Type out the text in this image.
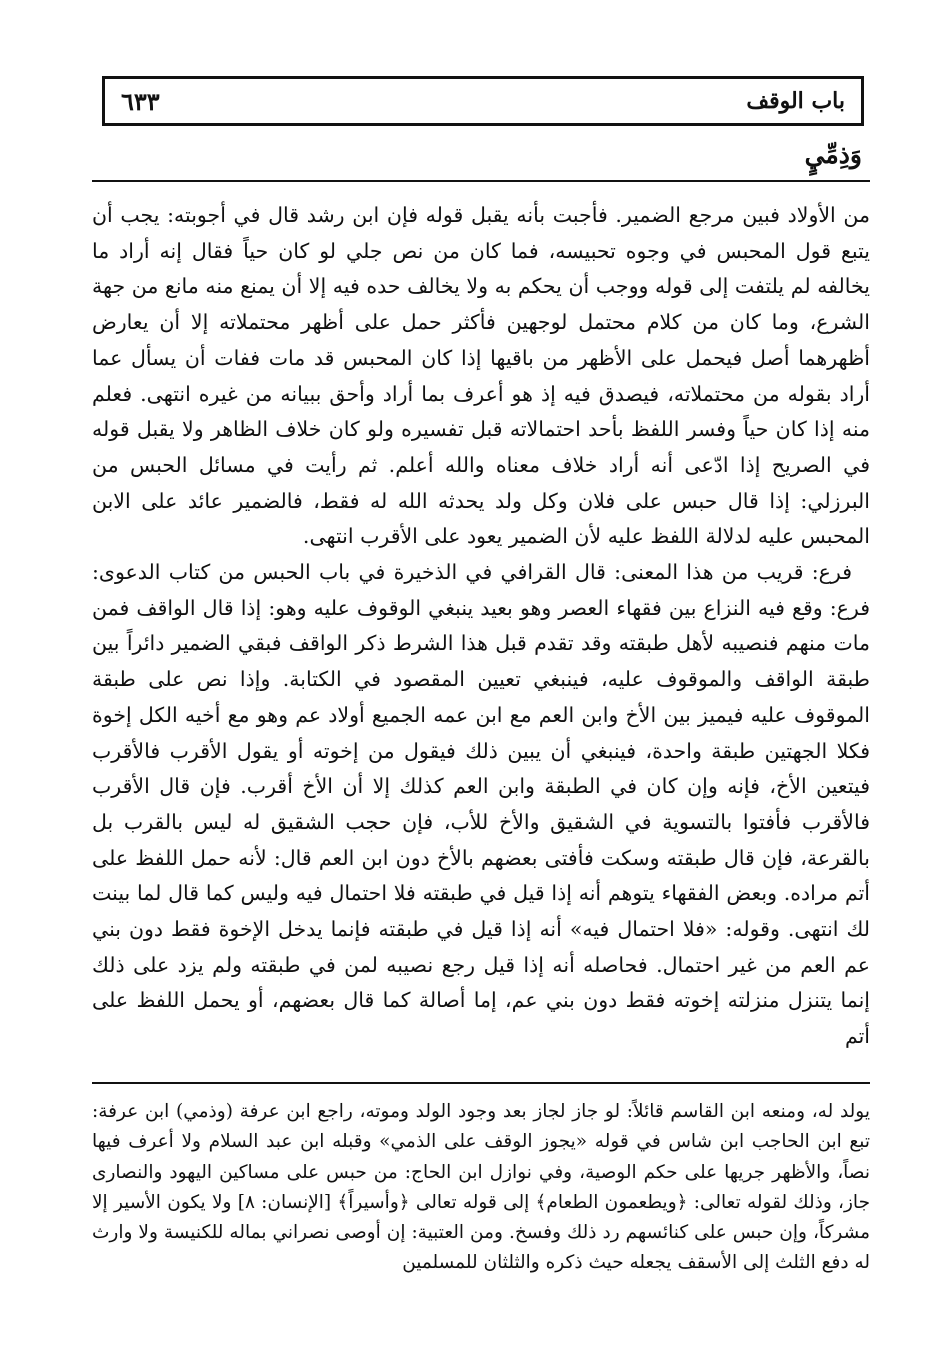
٦٣٣	باب الوقف
وَذِمِّيٍ

من الأولاد فبين مرجع الضمير. فأجبت بأنه يقبل قوله فإن ابن رشد قال في أجوبته: يجب أن يتبع قول المحبس في وجوه تحبيسه، فما كان من نص جلي لو كان حياً فقال إنه أراد ما يخالفه لم يلتفت إلى قوله ووجب أن يحكم به ولا يخالف حده فيه إلا أن يمنع منه مانع من جهة الشرع، وما كان من كلام محتمل لوجهين فأكثر حمل على أظهر محتملاته إلا أن يعارض أظهرهما أصل فيحمل على الأظهر من باقيها إذا كان المحبس قد مات ففات أن يسأل عما أراد بقوله من محتملاته، فيصدق فيه إذ هو أعرف بما أراد وأحق ببيانه من غيره انتهى. فعلم منه إذا كان حياً وفسر اللفظ بأحد احتمالاته قبل تفسيره ولو كان خلاف الظاهر ولا يقبل قوله في الصريح إذا ادّعى أنه أراد خلاف معناه والله أعلم. ثم رأيت في مسائل الحبس من البرزلي: إذا قال حبس على فلان وكل ولد يحدثه الله له فقط، فالضمير عائد على الابن المحبس عليه لدلالة اللفظ عليه لأن الضمير يعود على الأقرب انتهى.

فرع: قريب من هذا المعنى: قال القرافي في الذخيرة في باب الحبس من كتاب الدعوى: فرع: وقع فيه النزاع بين فقهاء العصر وهو بعيد ينبغي الوقوف عليه وهو: إذا قال الواقف فمن مات منهم فنصيبه لأهل طبقته وقد تقدم قبل هذا الشرط ذكر الواقف فبقي الضمير دائراً بين طبقة الواقف والموقوف عليه، فينبغي تعيين المقصود في الكتابة. وإذا نص على طبقة الموقوف عليه فيميز بين الأخ وابن العم مع ابن عمه الجميع أولاد عم وهو مع أخيه الكل إخوة فكلا الجهتين طبقة واحدة، فينبغي أن يبين ذلك فيقول من إخوته أو يقول الأقرب فالأقرب فيتعين الأخ، فإنه وإن كان في الطبقة وابن العم كذلك إلا أن الأخ أقرب. فإن قال الأقرب فالأقرب فأفتوا بالتسوية في الشقيق والأخ للأب، فإن حجب الشقيق له ليس بالقرب بل بالقرعة، فإن قال طبقته وسكت فأفتى بعضهم بالأخ دون ابن العم قال: لأنه حمل اللفظ على أتم مراده. وبعض الفقهاء يتوهم أنه إذا قيل في طبقته فلا احتمال فيه وليس كما قال لما بينت لك انتهى. وقوله: «فلا احتمال فيه» أنه إذا قيل في طبقته فإنما يدخل الإخوة فقط دون بني عم العم من غير احتمال. فحاصله أنه إذا قيل رجع نصيبه لمن في طبقته ولم يزد على ذلك إنما يتنزل منزلته إخوته فقط دون بني عم، إما أصالة كما قال بعضهم، أو يحمل اللفظ على أتم

يولد له، ومنعه ابن القاسم قائلاً: لو جاز لجاز بعد وجود الولد وموته، راجع ابن عرفة (وذمي) ابن عرفة: تبع ابن الحاجب ابن شاس في قوله «يجوز الوقف على الذمي» وقبله ابن عبد السلام ولا أعرف فيها نصاً، والأظهر جريها على حكم الوصية، وفي نوازل ابن الحاج: من حبس على مساكين اليهود والنصارى جاز، وذلك لقوله تعالى: ﴿ويطعمون الطعام﴾ إلى قوله تعالى ﴿وأسيراً﴾ [الإنسان: ٨] ولا يكون الأسير إلا مشركاً، وإن حبس على كنائسهم رد ذلك وفسخ. ومن العتبية: إن أوصى نصراني بماله للكنيسة ولا وارث له دفع الثلث إلى الأسقف يجعله حيث ذكره والثلثان للمسلمين
